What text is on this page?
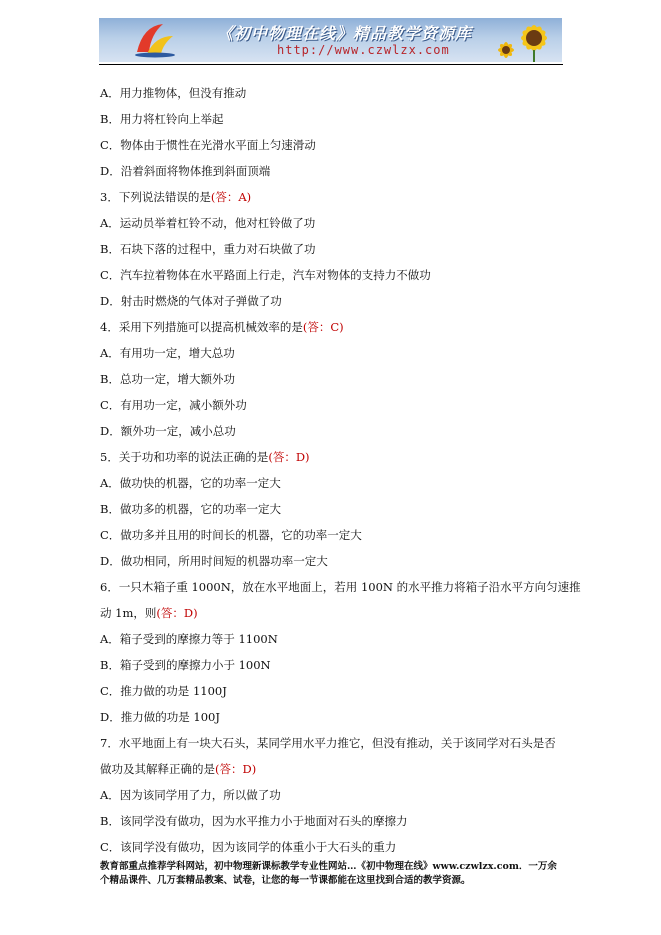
《初中物理在线》精品教学资源库
http://www.czwlzx.com
A．用力推物体，但没有推动
B．用力将杠铃向上举起
C．物体由于惯性在光滑水平面上匀速滑动
D．沿着斜面将物体推到斜面顶端
3．下列说法错误的是(答：A)
A．运动员举着杠铃不动，他对杠铃做了功
B．石块下落的过程中，重力对石块做了功
C．汽车拉着物体在水平路面上行走，汽车对物体的支持力不做功
D．射击时燃烧的气体对子弹做了功
4．采用下列措施可以提高机械效率的是(答：C)
A．有用功一定，增大总功
B．总功一定，增大额外功
C．有用功一定，减小额外功
D．额外功一定，减小总功
5．关于功和功率的说法正确的是(答：D)
A．做功快的机器，它的功率一定大
B．做功多的机器，它的功率一定大
C．做功多并且用的时间长的机器，它的功率一定大
D．做功相同，所用时间短的机器功率一定大
6．一只木箱子重 1000N，放在水平地面上，若用 100N 的水平推力将箱子沿水平方向匀速推
动 1m，则(答：D)
A．箱子受到的摩擦力等于 1100N
B．箱子受到的摩擦力小于 100N
C．推力做的功是 1100J
D．推力做的功是 100J
7．水平地面上有一块大石头，某同学用水平力推它，但没有推动，关于该同学对石头是否
做功及其解释正确的是(答：D)
A．因为该同学用了力，所以做了功
B．该同学没有做功，因为水平推力小于地面对石头的摩擦力
C．该同学没有做功，因为该同学的体重小于大石头的重力
教育部重点推荐学科网站，初中物理新课标教学专业性网站…《初中物理在线》www.czwlzx.com．一万余
个精品课件、几万套精品教案、试卷，让您的每一节课都能在这里找到合适的教学资源。
